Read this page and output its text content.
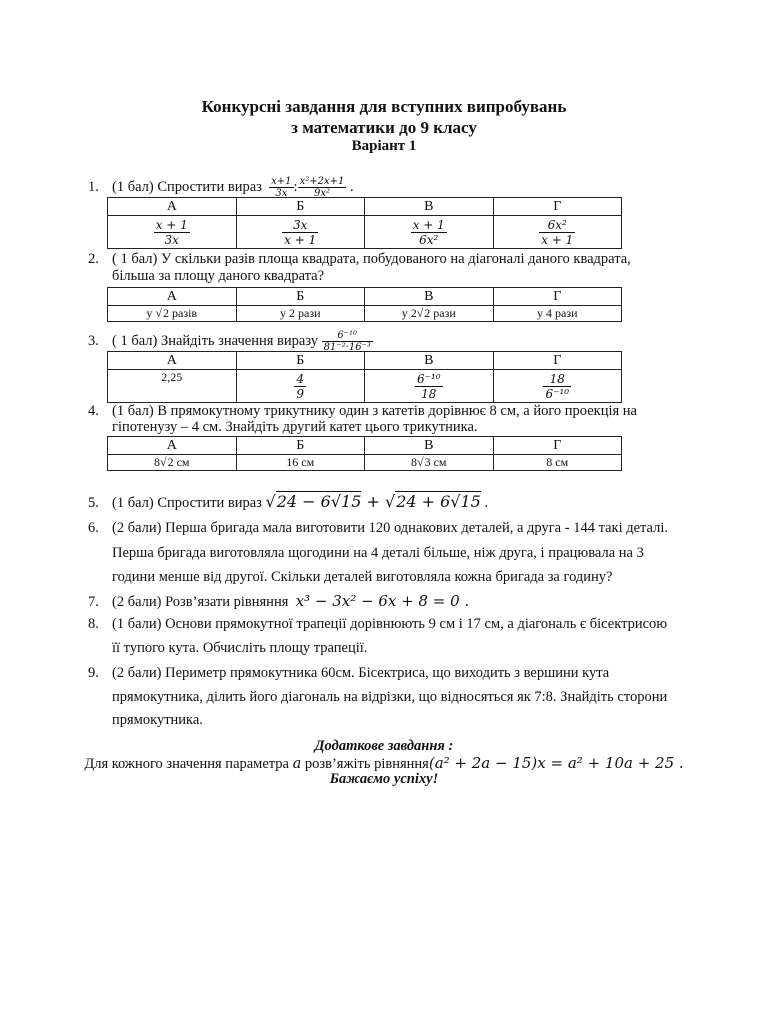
Конкурсні завдання для вступних випробувань
з математики до 9 класу
Варіант 1
1. (1 бал) Спростити вираз $\frac{x+1}{3x}$ : $\frac{\text{x²+2x+1}}{\text{9x²}}$ .
А	Б	В	Г

$\frac{x + 1}{3x}$	$\frac{3x}{x + 1}$	$\frac{x + 1}{\text{6x²}}$	$\frac{\text{6x²}}{x + 1}$
2. ( 1 бал) У скільки разів площа квадрата, побудованого на діагоналі даного квадрата,
більша за площу даного квадрата?
А	Б	В	Г
у √2 разів	у 2 рази	у 2√2 рази	у 4 рази
3. ( 1 бал) Знайдіть значення виразу $\frac{\text{6⁻¹⁰}}{\text{81⁻²·16⁻³}}$
А	Б	В	Г
2,25	$\frac{4}{9}$	$\frac{\text{6⁻¹⁰}}{18}$	$\frac{18}{\text{6⁻¹⁰}}$
4. (1 бал) В прямокутному трикутнику один з катетів дорівнює 8 см, а його проекція на
гіпотенузу – 4 см. Знайдіть другий катет цього трикутника.
А	Б	В	Г
8√2 см	16 см	8√3 см	8 см
5. (1 бал) Спростити вираз √24 − 6√15 + √24 + 6√15 .
6. (2 бали) Перша бригада мала виготовити 120 однакових деталей, а друга - 144 такі деталі.
Перша бригада виготовляла щогодини на 4 деталі більше, ніж друга, і працювала на 3
години менше від другої. Скільки деталей виготовляла кожна бригада за годину?
7. (2 бали) Розв’язати рівняння x³ − 3x² − 6x + 8 = 0 .
8. (1 бали) Основи прямокутної трапеції дорівнюють 9 см і 17 см, а діагональ є бісектрисою
її тупого кута. Обчисліть площу трапеції.
9. (2 бали) Периметр прямокутника 60см. Бісектриса, що виходить з вершини кута
прямокутника, ділить його діагональ на відрізки, що відносяться як 7:8. Знайдіть сторони
прямокутника.
Додаткове завдання :
Для кожного значення параметра a розв’яжіть рівняння(a² + 2a − 15)x = a² + 10a + 25 .
Бажаємо успіху!
